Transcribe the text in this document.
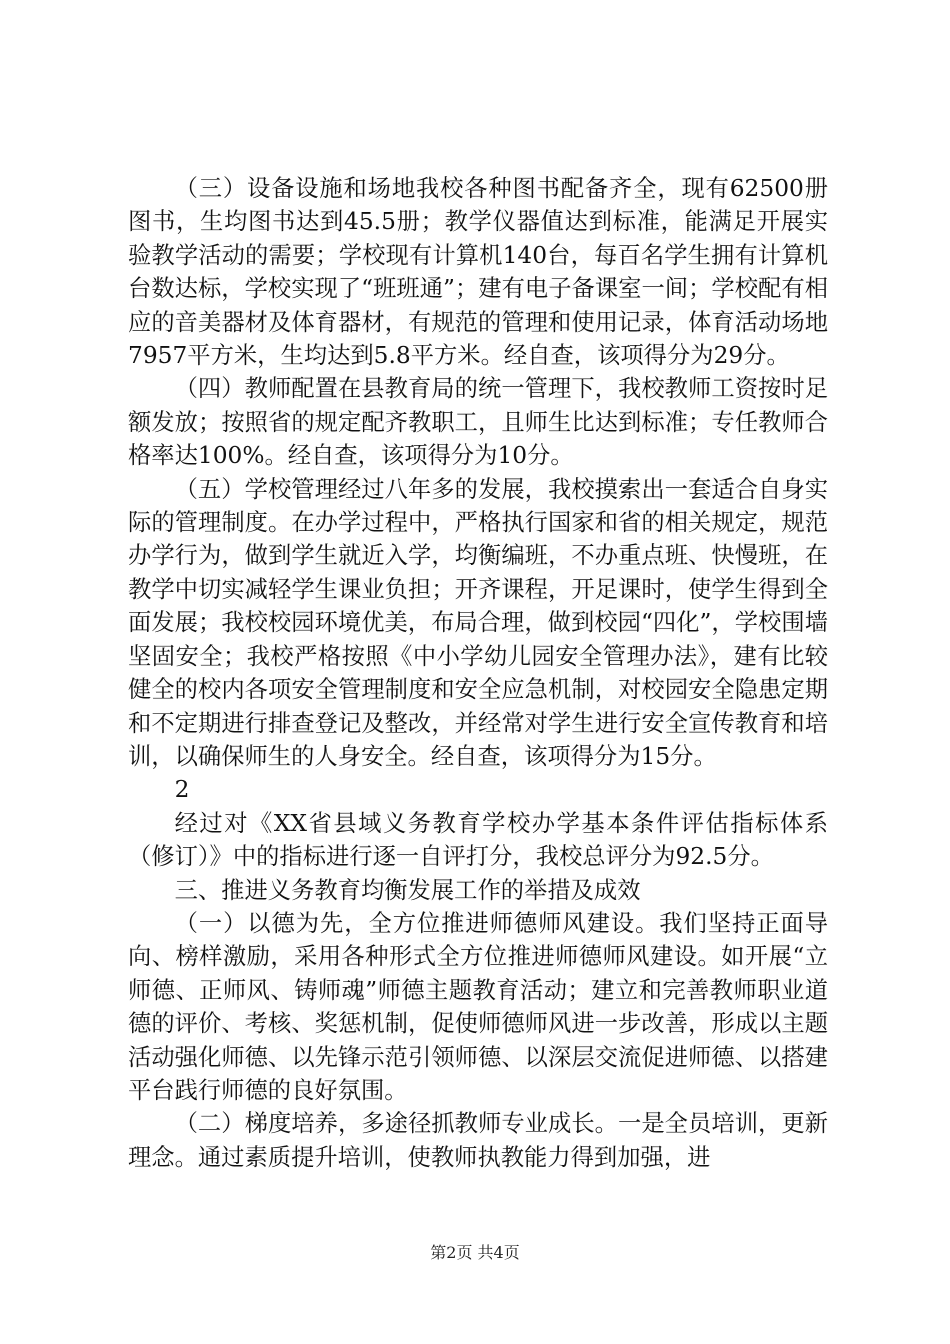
（三）设备设施和场地我校各种图书配备齐全，现有62500册图书，生均图书达到45.5册；教学仪器值达到标准，能满足开展实验教学活动的需要；学校现有计算机140台，每百名学生拥有计算机台数达标，学校实现了“班班通”；建有电子备课室一间；学校配有相应的音美器材及体育器材，有规范的管理和使用记录，体育活动场地7957平方米，生均达到5.8平方米。经自查，该项得分为29分。

（四）教师配置在县教育局的统一管理下，我校教师工资按时足额发放；按照省的规定配齐教职工，且师生比达到标准；专任教师合格率达100%。经自查，该项得分为10分。

（五）学校管理经过八年多的发展，我校摸索出一套适合自身实际的管理制度。在办学过程中，严格执行国家和省的相关规定，规范办学行为，做到学生就近入学，均衡编班，不办重点班、快慢班，在教学中切实减轻学生课业负担；开齐课程，开足课时，使学生得到全面发展；我校校园环境优美，布局合理，做到校园“四化”，学校围墙坚固安全；我校严格按照《中小学幼儿园安全管理办法》，建有比较健全的校内各项安全管理制度和安全应急机制，对校园安全隐患定期和不定期进行排查登记及整改，并经常对学生进行安全宣传教育和培训，以确保师生的人身安全。经自查，该项得分为15分。

2

经过对《XX省县域义务教育学校办学基本条件评估指标体系（修订）》中的指标进行逐一自评打分，我校总评分为92.5分。

三、推进义务教育均衡发展工作的举措及成效

（一）以德为先，全方位推进师德师风建设。我们坚持正面导向、榜样激励，采用各种形式全方位推进师德师风建设。如开展“立师德、正师风、铸师魂”师德主题教育活动；建立和完善教师职业道德的评价、考核、奖惩机制，促使师德师风进一步改善，形成以主题活动强化师德、以先锋示范引领师德、以深层交流促进师德、以搭建平台践行师德的良好氛围。

（二）梯度培养，多途径抓教师专业成长。一是全员培训，更新理念。通过素质提升培训，使教师执教能力得到加强，进

第2页 共4页
